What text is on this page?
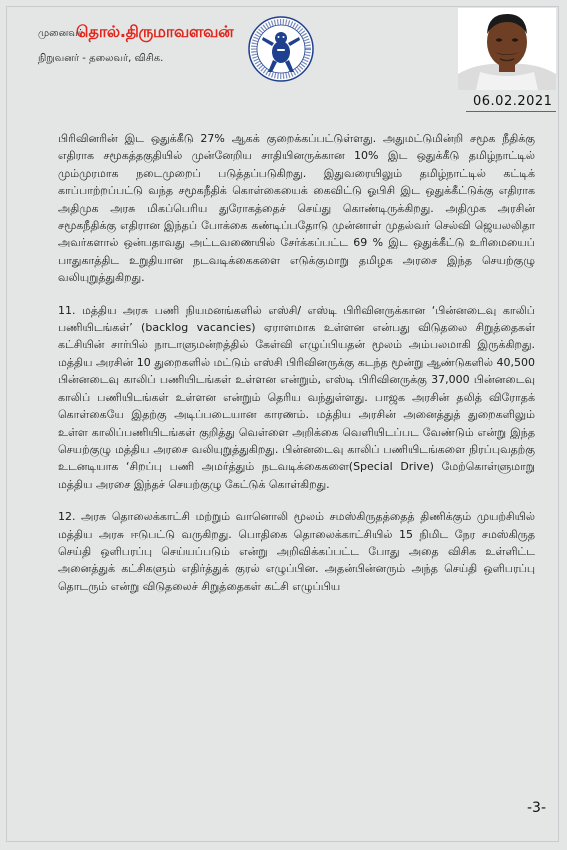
முனைவர்
தொல்.திருமாவளவன்
நிறுவனர் - தலைவர், விசிக.
06.02.2021

பிரிவினரின் இட ஒதுக்கீடு 27% ஆகக் குறைக்கப்பட்டுள்ளது. அதுமட்டுமின்றி சமூக நீதிக்கு எதிராக சமூகத்தகுதியில் முன்னேறிய சாதியினருக்கான 10% இட ஒதுக்கீடு தமிழ்நாட்டில் மும்முரமாக நடைமுறைப் படுத்தப்படுகிறது. இதுவரையிலும் தமிழ்நாட்டில் கட்டிக் காப்பாற்றப்பட்டு வந்த சமூகநீதிக் கொள்கையைக் கைவிட்டு ஓபிசி இட ஒதுக்கீட்டுக்கு எதிராக அதிமுக அரசு மிகப்பெரிய துரோகத்தைச் செய்து கொண்டிருக்கிறது. அதிமுக அரசின் சமூகநீதிக்கு எதிரான இந்தப் போக்கை கண்டிப்பதோடு முன்னாள் முதல்வர் செல்வி ஜெயலலிதா அவர்களால் ஒன்பதாவது அட்டவணையில் சேர்க்கப்பட்ட 69 % இட ஒதுக்கீட்டு உரிமையைப் பாதுகாத்திட உறுதியான நடவடிக்கைகளை எடுக்குமாறு தமிழக அரசை இந்த செயற்குழு வலியுறுத்துகிறது.

11. மத்திய அரசு பணி நியமனங்களில் எஸ்சி/ எஸ்டி பிரிவினருக்கான ‘பின்னடைவு காலிப் பணியிடங்கள்’ (backlog vacancies) ஏராளமாக உள்ளன என்பது விடுதலை சிறுத்தைகள் கட்சியின் சார்பில் நாடாளுமன்றத்தில் கேள்வி எழுப்பியதன் மூலம் அம்பலமாகி இருக்கிறது. மத்திய அரசின் 10 துறைகளில் மட்டும் எஸ்சி பிரிவினருக்கு கடந்த மூன்று ஆண்டுகளில் 40,500 பின்னடைவு காலிப் பணியிடங்கள் உள்ளன என்றும், எஸ்டி பிரிவினருக்கு 37,000 பின்னடைவு காலிப் பணியிடங்கள் உள்ளன என்றும் தெரிய வந்துள்ளது. பாஜக அரசின் தலித் விரோதக் கொள்கையே இதற்கு அடிப்படையான காரணம். மத்திய அரசின் அனைத்துத் துறைகளிலும் உள்ள காலிப்பணியிடங்கள் குறித்து வெள்ளை அறிக்கை வெளியிடப்பட வேண்டும் என்று இந்த செயற்குழு மத்திய அரசை வலியுறுத்துகிறது. பின்னடைவு காலிப் பணியிடங்களை நிரப்புவதற்கு உடனடியாக ‘சிறப்பு பணி அமர்த்தும் நடவடிக்கைகளை(Special Drive) மேற்கொள்ளுமாறு மத்திய அரசை இந்தச் செயற்குழு கேட்டுக் கொள்கிறது.

12. அரசு தொலைக்காட்சி மற்றும் வானொலி மூலம் சமஸ்கிருதத்தைத் திணிக்கும் முயற்சியில் மத்திய அரசு ஈடுபட்டு வருகிறது. பொதிகை தொலைக்காட்சியில் 15 நிமிட நேர சமஸ்கிருத செய்தி ஒளிபரப்பு செய்யப்படும் என்று அறிவிக்கப்பட்ட போது அதை விசிக உள்ளிட்ட அனைத்துக் கட்சிகளும் எதிர்த்துக் குரல் எழுப்பின. அதன்பின்னரும் அந்த செய்தி ஒளிபரப்பு தொடரும் என்று விடுதலைச் சிறுத்தைகள் கட்சி எழுப்பிய

-3-
